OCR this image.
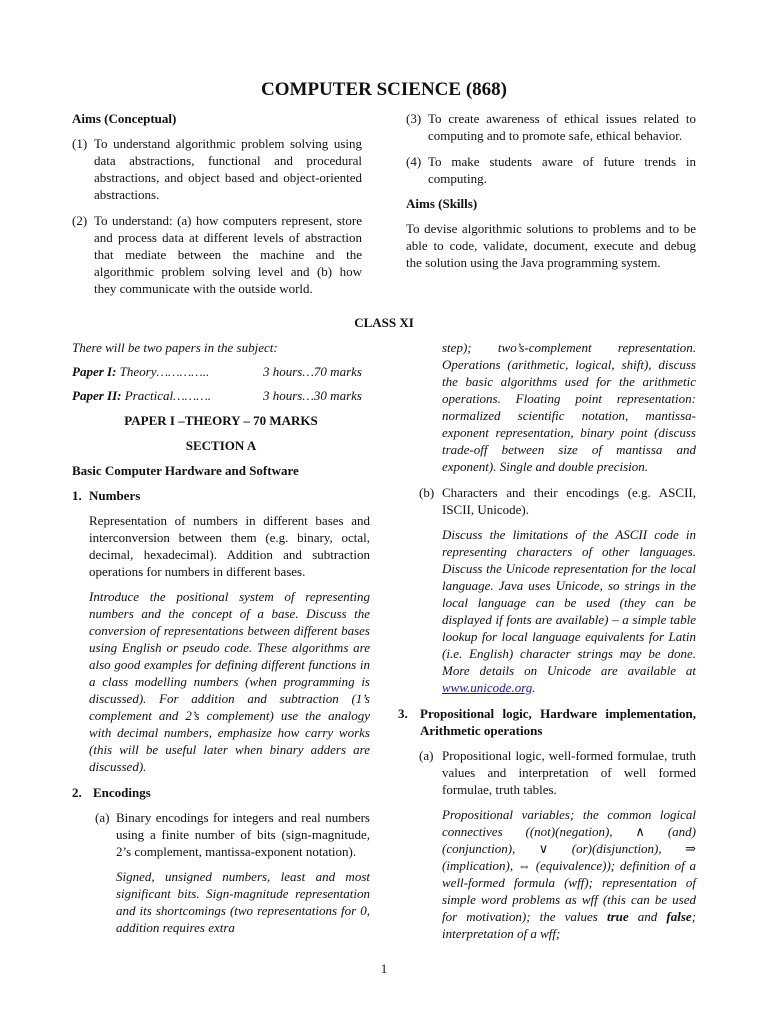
COMPUTER SCIENCE (868)
Aims (Conceptual)
(1) To understand algorithmic problem solving using data abstractions, functional and procedural abstractions, and object based and object-oriented abstractions.

(2) To understand: (a) how computers represent, store and process data at different levels of abstraction that mediate between the machine and the algorithmic problem solving level and (b) how they communicate with the outside world.

(3) To create awareness of ethical issues related to computing and to promote safe, ethical behavior.

(4) To make students aware of future trends in computing.

Aims (Skills)

To devise algorithmic solutions to problems and to be able to code, validate, document, execute and debug the solution using the Java programming system.

CLASS XI

There will be two papers in the subject:

Paper I: Theory…………..	3 hours…70 marks
Paper II: Practical……….	3 hours…30 marks
PAPER I –THEORY – 70 MARKS
SECTION A
Basic Computer Hardware and Software
1. Numbers

Representation of numbers in different bases and interconversion between them (e.g. binary, octal, decimal, hexadecimal). Addition and subtraction operations for numbers in different bases.

Introduce the positional system of representing numbers and the concept of a base. Discuss the conversion of representations between different bases using English or pseudo code. These algorithms are also good examples for defining different functions in a class modelling numbers (when programming is discussed). For addition and subtraction (1’s complement and 2’s complement) use the analogy with decimal numbers, emphasize how carry works (this will be useful later when binary adders are discussed).

2. Encodings
(a) Binary encodings for integers and real numbers using a finite number of bits (sign-magnitude, 2’s complement, mantissa-exponent notation).

Signed, unsigned numbers, least and most significant bits. Sign-magnitude representation and its shortcomings (two representations for 0, addition requires extra

step); two’s-complement representation. Operations (arithmetic, logical, shift), discuss the basic algorithms used for the arithmetic operations. Floating point representation: normalized scientific notation, mantissa-exponent representation, binary point (discuss trade-off between size of mantissa and exponent). Single and double precision.

(b) Characters and their encodings (e.g. ASCII, ISCII, Unicode).

Discuss the limitations of the ASCII code in representing characters of other languages. Discuss the Unicode representation for the local language. Java uses Unicode, so strings in the local language can be used (they can be displayed if fonts are available) – a simple table lookup for local language equivalents for Latin (i.e. English) character strings may be done. More details on Unicode are available at www.unicode.org.

3. Propositional logic, Hardware implementation, Arithmetic operations

(a) Propositional logic, well-formed formulae, truth values and interpretation of well formed formulae, truth tables.

Propositional variables; the common logical connectives ((not)(negation), ∧ (and)(conjunction), ∨ (or)(disjunction), ⇒ (implication), ⇔ (equivalence)); definition of a well-formed formula (wff); representation of simple word problems as wff (this can be used for motivation); the values true and false; interpretation of a wff;

1
